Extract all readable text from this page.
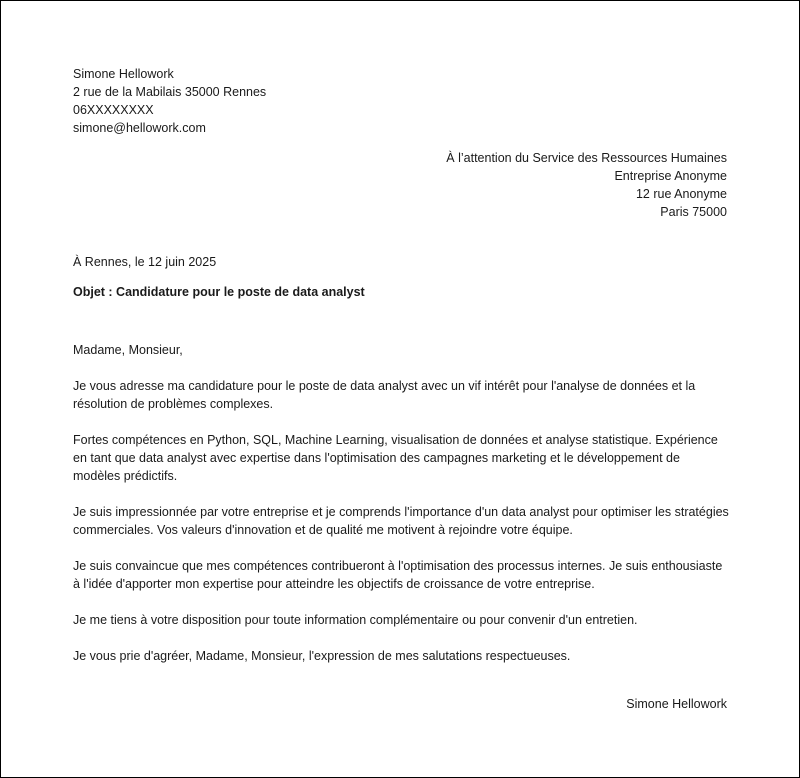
Simone Hellowork
2 rue de la Mabilais 35000 Rennes
06XXXXXXXX
simone@hellowork.com
À l’attention du Service des Ressources Humaines
Entreprise Anonyme
12 rue Anonyme
Paris 75000
À Rennes, le 12 juin 2025
Objet : Candidature pour le poste de data analyst

Madame, Monsieur,

Je vous adresse ma candidature pour le poste de data analyst avec un vif intérêt pour l'analyse de données et la résolution de problèmes complexes.

Fortes compétences en Python, SQL, Machine Learning, visualisation de données et analyse statistique. Expérience en tant que data analyst avec expertise dans l'optimisation des campagnes marketing et le développement de modèles prédictifs.

Je suis impressionnée par votre entreprise et je comprends l'importance d'un data analyst pour optimiser les stratégies commerciales. Vos valeurs d'innovation et de qualité me motivent à rejoindre votre équipe.

Je suis convaincue que mes compétences contribueront à l'optimisation des processus internes. Je suis enthousiaste à l'idée d'apporter mon expertise pour atteindre les objectifs de croissance de votre entreprise.

Je me tiens à votre disposition pour toute information complémentaire ou pour convenir d'un entretien.

Je vous prie d'agréer, Madame, Monsieur, l'expression de mes salutations respectueuses.

Simone Hellowork
